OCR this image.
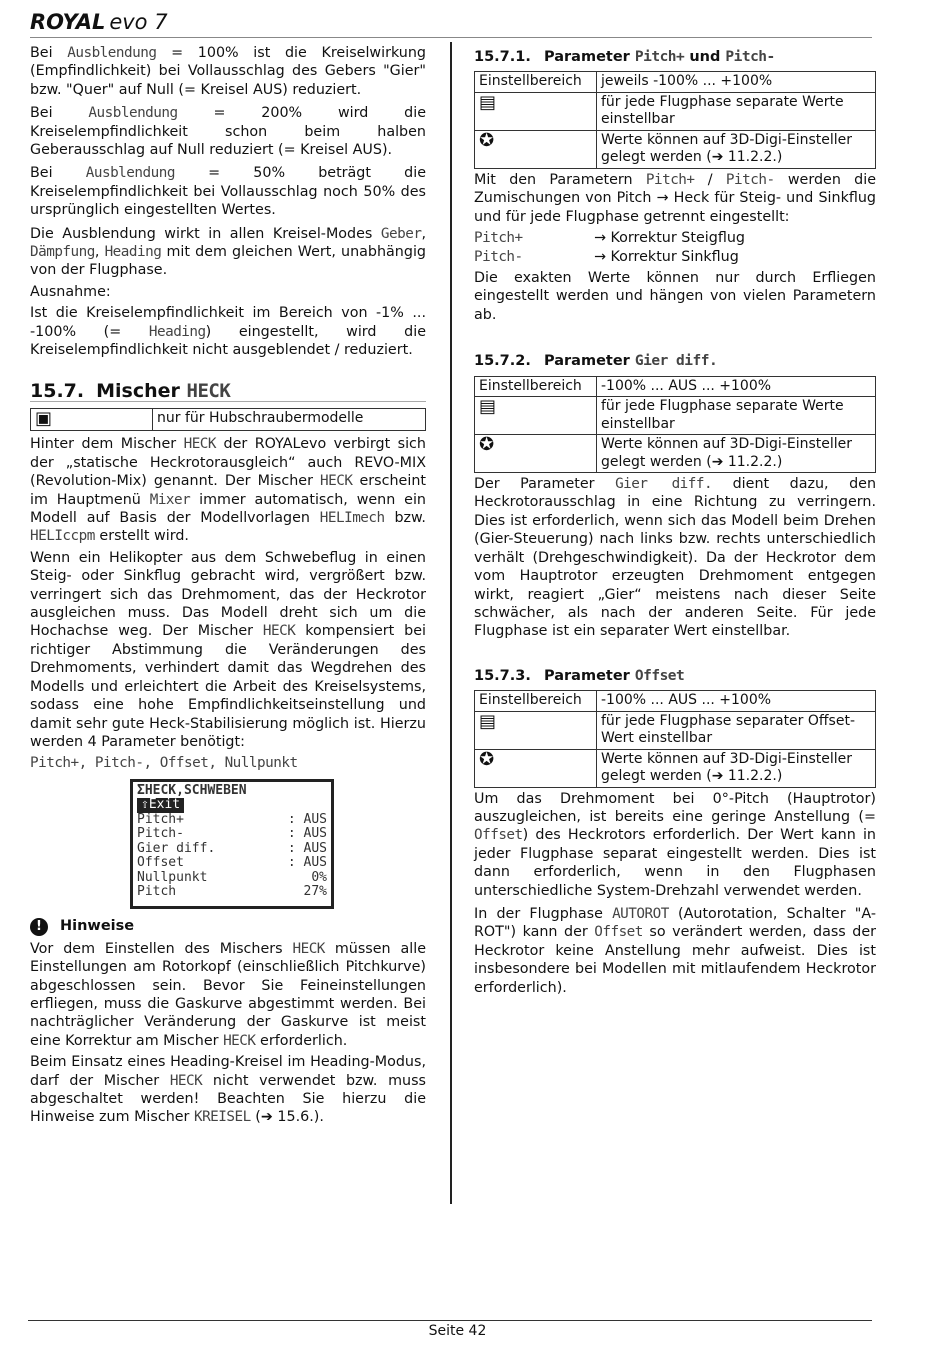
ROYAL evo 7

Bei Ausblendung = 100% ist die Kreiselwirkung (Empfindlichkeit) bei Vollausschlag des Gebers "Gier" bzw. "Quer" auf Null (= Kreisel AUS) reduziert.

Bei Ausblendung = 200% wird die Kreiselempfindlichkeit schon beim halben Geberausschlag auf Null reduziert (= Kreisel AUS).

Bei Ausblendung = 50% beträgt die Kreiselempfindlichkeit bei Vollausschlag noch 50% des ursprünglich eingestellten Wertes.

Die Ausblendung wirkt in allen Kreisel-Modes Geber, Dämpfung, Heading mit dem gleichen Wert, unabhängig von der Flugphase.

Ausnahme:

Ist die Kreiselempfindlichkeit im Bereich von -1% ... -100% (= Heading) eingestellt, wird die Kreiselempfindlichkeit nicht ausgeblendet / reduziert.

15.7. Mischer HECK
▣	nur für Hubschraubermodelle

Hinter dem Mischer HECK der ROYALevo verbirgt sich der „statische Heckrotorausgleich“ auch REVO-MIX (Revolution-Mix) genannt. Der Mischer HECK erscheint im Hauptmenü Mixer immer automatisch, wenn ein Modell auf Basis der Modellvorlagen HELImech bzw. HELIccpm erstellt wird.

Wenn ein Helikopter aus dem Schwebeflug in einen Steig- oder Sinkflug gebracht wird, vergrößert bzw. verringert sich das Drehmoment, das der Heckrotor ausgleichen muss. Das Modell dreht sich um die Hochachse weg. Der Mischer HECK kompensiert bei richtiger Abstimmung die Veränderungen des Drehmoments, verhindert damit das Wegdrehen des Modells und erleichtert die Arbeit des Kreiselsystems, sodass eine hohe Empfindlichkeitseinstellung und damit sehr gute Heck-Stabilisierung möglich ist. Hierzu werden 4 Parameter benötigt:

Pitch+, Pitch-, Offset, Nullpunkt

ΣHECK,SCHWEBEN
⇧Exit
Pitch+	: AUS
Pitch-	: AUS
Gier diff.	: AUS
Offset	: AUS
Nullpunkt	0%
Pitch	27%
! Hinweise

Vor dem Einstellen des Mischers HECK müssen alle Einstellungen am Rotorkopf (einschließlich Pitchkurve) abgeschlossen sein. Bevor Sie Feineinstellungen erfliegen, muss die Gaskurve abgestimmt werden. Bei nachträglicher Veränderung der Gaskurve ist meist eine Korrektur am Mischer HECK erforderlich.

Beim Einsatz eines Heading-Kreisel im Heading-Modus, darf der Mischer HECK nicht verwendet bzw. muss abgeschaltet werden! Beachten Sie hierzu die Hinweise zum Mischer KREISEL (➔ 15.6.).

15.7.1. Parameter Pitch+ und Pitch-
Einstellbereich	jeweils -100% ... +100%
▤	für jede Flugphase separate Werte einstellbar
✪	Werte können auf 3D-Digi-Einsteller gelegt werden (➔ 11.2.2.)

Mit den Parametern Pitch+ / Pitch- werden die Zumischungen von Pitch → Heck für Steig- und Sinkflug und für jede Flugphase getrennt eingestellt:

Pitch+	→ Korrektur Steigflug
Pitch-	→ Korrektur Sinkflug

Die exakten Werte können nur durch Erfliegen eingestellt werden und hängen von vielen Parametern ab.

15.7.2. Parameter Gier diff.
Einstellbereich	-100% ... AUS ... +100%
▤	für jede Flugphase separate Werte einstellbar
✪	Werte können auf 3D-Digi-Einsteller gelegt werden (➔ 11.2.2.)

Der Parameter Gier diff. dient dazu, den Heckrotorausschlag in eine Richtung zu verringern. Dies ist erforderlich, wenn sich das Modell beim Drehen (Gier-Steuerung) nach links bzw. rechts unterschiedlich verhält (Drehgeschwindigkeit). Da der Heckrotor dem vom Hauptrotor erzeugten Drehmoment entgegen wirkt, reagiert „Gier“ meistens nach dieser Seite schwächer, als nach der anderen Seite. Für jede Flugphase ist ein separater Wert einstellbar.

15.7.3. Parameter Offset
Einstellbereich	-100% ... AUS ... +100%
▤	für jede Flugphase separater Offset-Wert einstellbar
✪	Werte können auf 3D-Digi-Einsteller gelegt werden (➔ 11.2.2.)

Um das Drehmoment bei 0°-Pitch (Hauptrotor) auszugleichen, ist bereits eine geringe Anstellung (= Offset) des Heckrotors erforderlich. Der Wert kann in jeder Flugphase separat eingestellt werden. Dies ist dann erforderlich, wenn in den Flugphasen unterschiedliche System-Drehzahl verwendet werden.

In der Flugphase AUTOROT (Autorotation, Schalter "A-ROT") kann der Offset so verändert werden, dass der Heckrotor keine Anstellung mehr aufweist. Dies ist insbesondere bei Modellen mit mitlaufendem Heckrotor erforderlich).

Seite 42
